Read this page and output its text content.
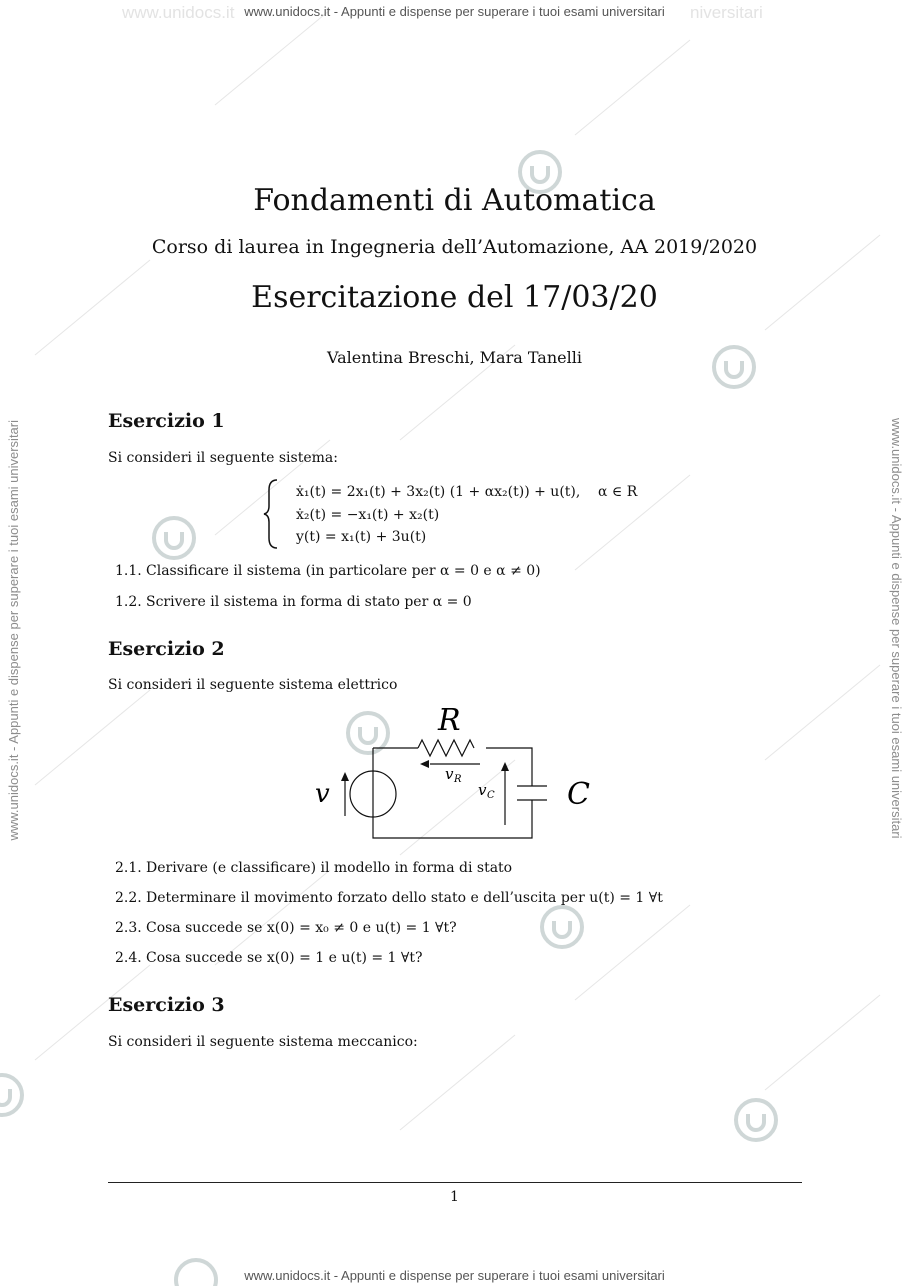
www.unidocs.it	niversitari
www.unidocs.it - Appunti e dispense per superare i tuoi esami universitari
www.unidocs.it - Appunti e dispense per superare i tuoi esami universitari	www.unidocs.it - Appunti e dispense per superare i tuoi esami universitari
Fondamenti di Automatica
Corso di laurea in Ingegneria dell’Automazione, AA 2019/2020
Esercitazione del 17/03/20
Valentina Breschi, Mara Tanelli
Esercizio 1
Si consideri il seguente sistema:
ẋ₁(t) = 2x₁(t) + 3x₂(t) (1 + αx₂(t)) + u(t),
ẋ₂(t) = −x₁(t) + x₂(t)
y(t) = x₁(t) + 3u(t)
α ∈ R
1.1. Classificare il sistema (in particolare per α = 0 e α ≠ 0)
1.2. Scrivere il sistema in forma di stato per α = 0
Esercizio 2
Si consideri il seguente sistema elettrico
R
C
v
v R
v C
2.1. Derivare (e classificare) il modello in forma di stato
2.2. Determinare il movimento forzato dello stato e dell’uscita per u(t) = 1 ∀t
2.3. Cosa succede se x(0) = x₀ ≠ 0 e u(t) = 1 ∀t?
2.4. Cosa succede se x(0) = 1 e u(t) = 1 ∀t?
Esercizio 3
Si consideri il seguente sistema meccanico:
1
www.unidocs.it - Appunti e dispense per superare i tuoi esami universitari
